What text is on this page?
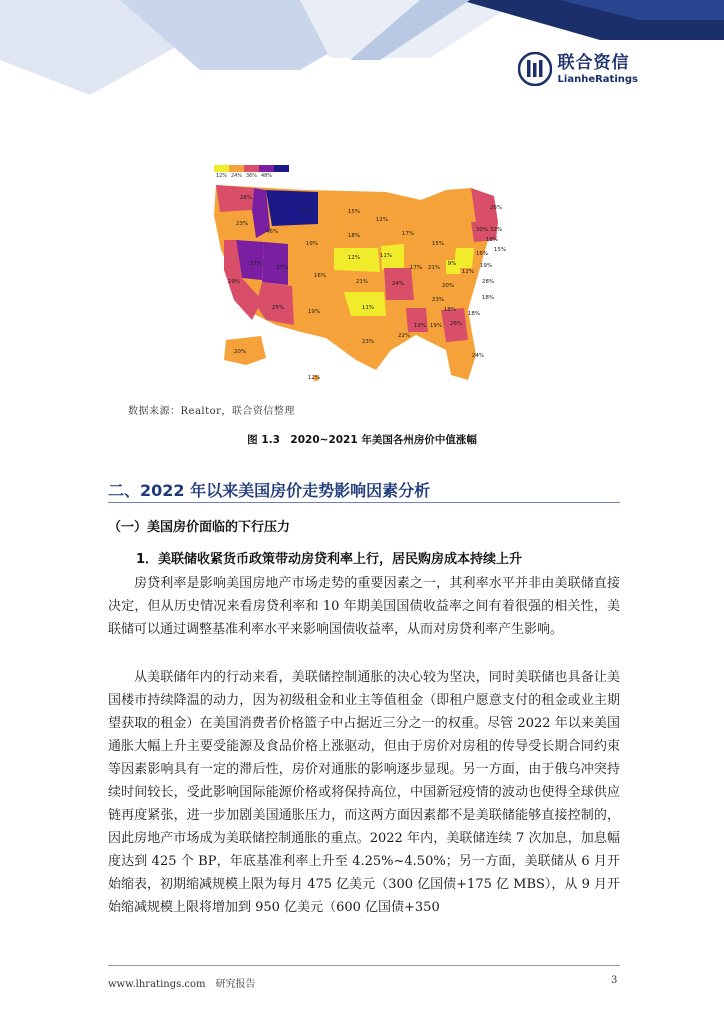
联合资信
LianheRatings
57%	15%
12%
26%
23%
46%
18%	17%
15%
19%
12%	11%
17% 21%
9%
12%
16%
37%
37%
16%
21%	24%	20%
23%
29%
25%
19%
11%
19% 19% 26%
18%
23%
22%
20%
24%
18%
28%
32%
18%
26%
30%
15%
19%
18%
12%
12% 24% 36% 48%
数据来源：Realtor，联合资信整理
图 1.3　2020~2021 年美国各州房价中值涨幅
二、2022 年以来美国房价走势影响因素分析
（一）美国房价面临的下行压力
1．美联储收紧货币政策带动房贷利率上行，居民购房成本持续上升
房贷利率是影响美国房地产市场走势的重要因素之一，其利率水平并非由美联储直接决定，但从历史情况来看房贷利率和 10 年期美国国债收益率之间有着很强的相关性，美联储可以通过调整基准利率水平来影响国债收益率，从而对房贷利率产生影响。
从美联储年内的行动来看，美联储控制通胀的决心较为坚决，同时美联储也具备让美国楼市持续降温的动力，因为初级租金和业主等值租金（即租户愿意支付的租金或业主期望获取的租金）在美国消费者价格篮子中占据近三分之一的权重。尽管 2022 年以来美国通胀大幅上升主要受能源及食品价格上涨驱动，但由于房价对房租的传导受长期合同约束等因素影响具有一定的滞后性，房价对通胀的影响逐步显现。另一方面，由于俄乌冲突持续时间较长，受此影响国际能源价格或将保持高位，中国新冠疫情的波动也使得全球供应链再度紧张，进一步加剧美国通胀压力，而这两方面因素都不是美联储能够直接控制的，因此房地产市场成为美联储控制通胀的重点。2022 年内，美联储连续 7 次加息，加息幅度达到 425 个 BP，年底基准利率上升至 4.25%~4.50%；另一方面，美联储从 6 月开始缩表，初期缩减规模上限为每月 475 亿美元（300 亿国债+175 亿 MBS），从 9 月开始缩减规模上限将增加到 950 亿美元（600 亿国债+350
www.lhratings.com　研究报告	3
